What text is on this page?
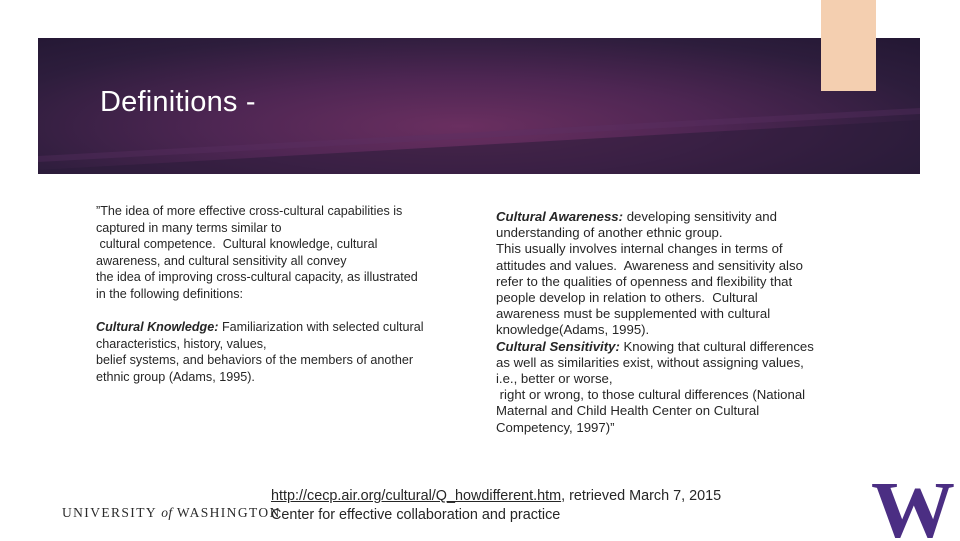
Definitions -

”The idea of more effective cross-cultural capabilities is
captured in many terms similar to
cultural competence.  Cultural knowledge, cultural
awareness, and cultural sensitivity all convey
the idea of improving cross-cultural capacity, as illustrated
in the following definitions:

Cultural Knowledge: Familiarization with selected cultural
characteristics, history, values,
belief systems, and behaviors of the members of another
ethnic group (Adams, 1995).

Cultural Awareness: developing sensitivity and
understanding of another ethnic group.
This usually involves internal changes in terms of
attitudes and values.  Awareness and sensitivity also
refer to the qualities of openness and flexibility that
people develop in relation to others.  Cultural
awareness must be supplemented with cultural
knowledge(Adams, 1995).

Cultural Sensitivity: Knowing that cultural differences
as well as similarities exist, without assigning values,
i.e., better or worse,
right or wrong, to those cultural differences (National
Maternal and Child Health Center on Cultural
Competency, 1997)”

http://cecp.air.org/cultural/Q_howdifferent.htm, retrieved March 7, 2015
Center for effective collaboration and practice
UNIVERSITY of WASHINGTON	W
